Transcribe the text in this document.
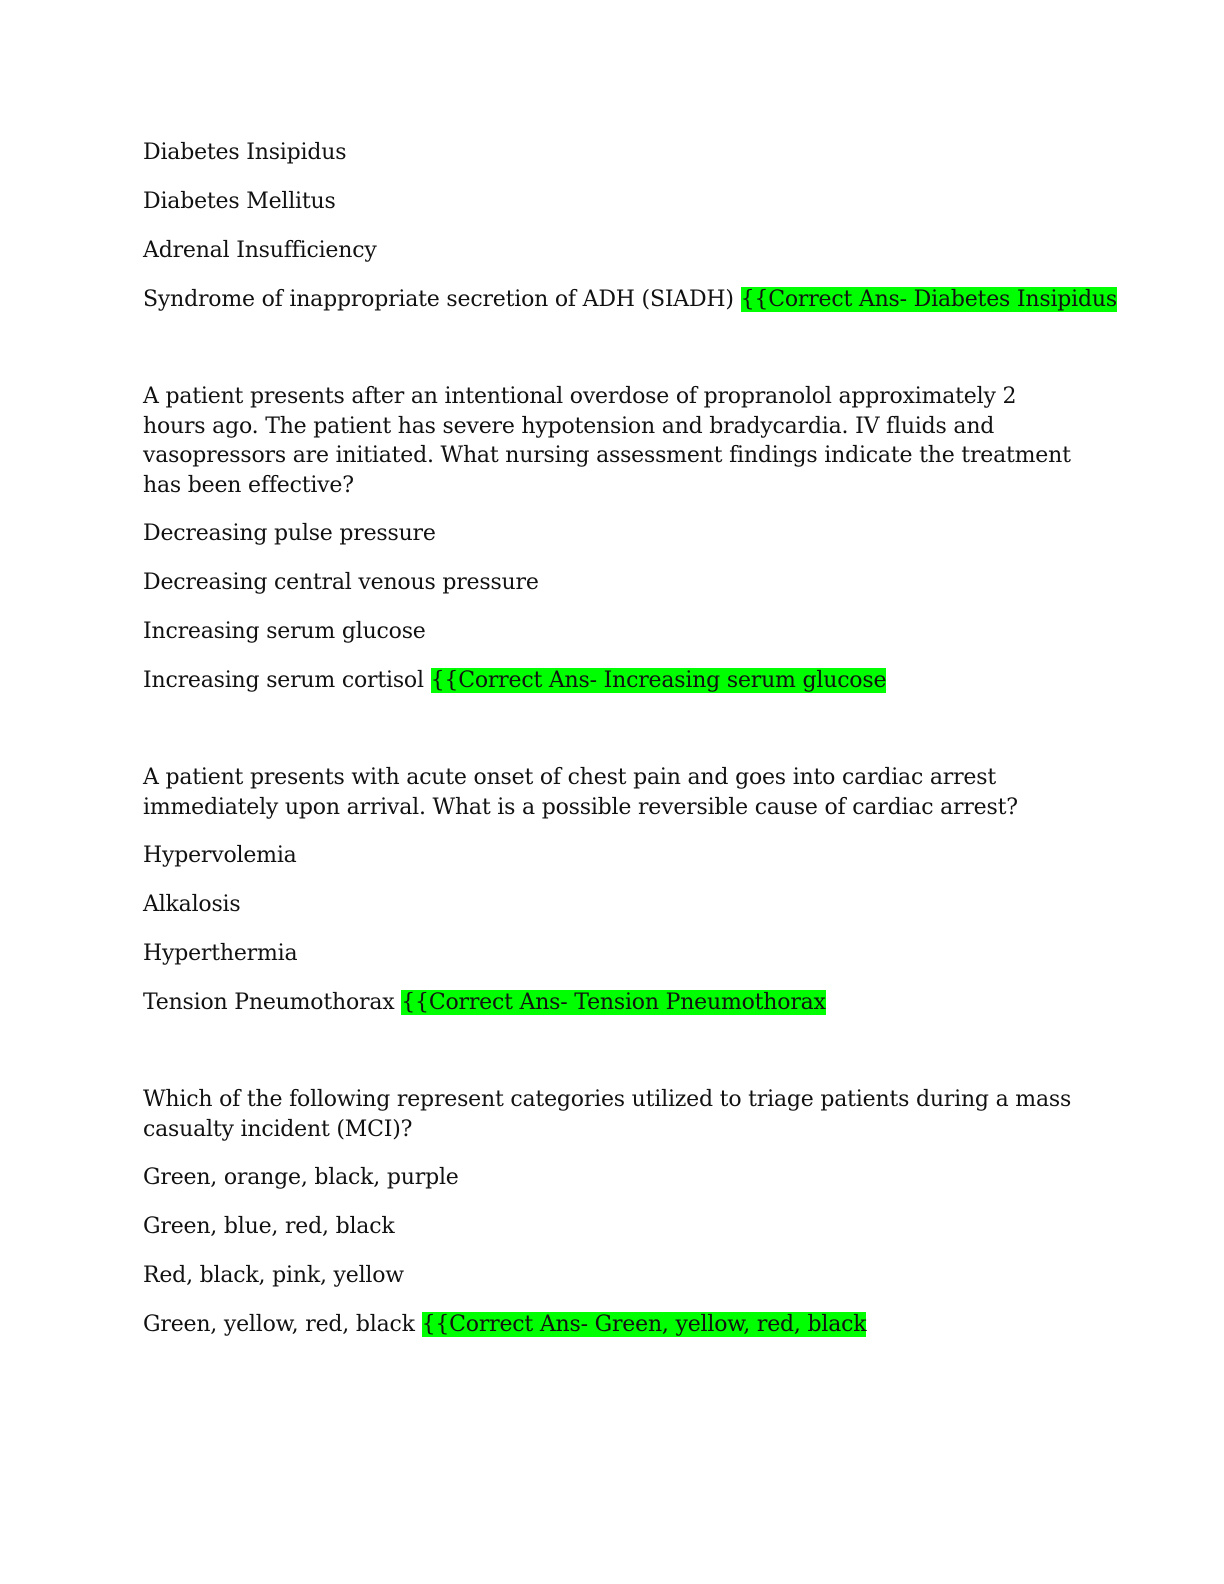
Diabetes Insipidus
Diabetes Mellitus
Adrenal Insufficiency
Syndrome of inappropriate secretion of ADH (SIADH) {{Correct Ans- Diabetes Insipidus
A patient presents after an intentional overdose of propranolol approximately 2 hours ago. The patient has severe hypotension and bradycardia. IV fluids and vasopressors are initiated. What nursing assessment findings indicate the treatment has been effective?
Decreasing pulse pressure
Decreasing central venous pressure
Increasing serum glucose
Increasing serum cortisol {{Correct Ans- Increasing serum glucose
A patient presents with acute onset of chest pain and goes into cardiac arrest immediately upon arrival. What is a possible reversible cause of cardiac arrest?
Hypervolemia
Alkalosis
Hyperthermia
Tension Pneumothorax {{Correct Ans- Tension Pneumothorax
Which of the following represent categories utilized to triage patients during a mass casualty incident (MCI)?
Green, orange, black, purple
Green, blue, red, black
Red, black, pink, yellow
Green, yellow, red, black {{Correct Ans- Green, yellow, red, black
